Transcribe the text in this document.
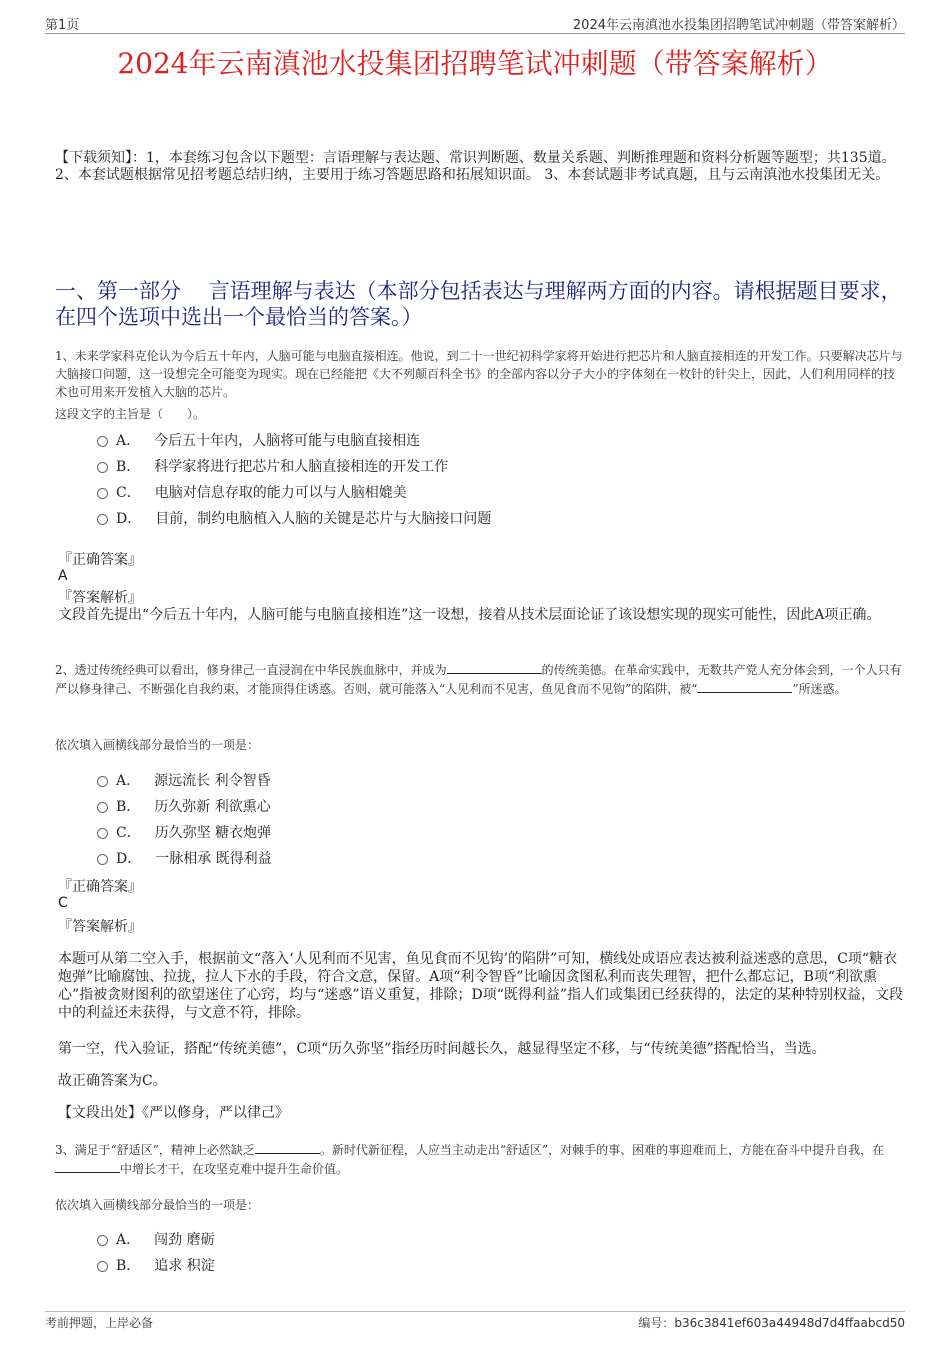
第1页	2024年云南滇池水投集团招聘笔试冲刺题（带答案解析）
2024年云南滇池水投集团招聘笔试冲刺题（带答案解析）
【下载须知】：1，本套练习包含以下题型：言语理解与表达题、常识判断题、数量关系题、判断推理题和资料分析题等题型；共135道。 2、本套试题根据常见招考题总结归纳，主要用于练习答题思路和拓展知识面。 3、本套试题非考试真题，且与云南滇池水投集团无关。
一、第一部分　 言语理解与表达（本部分包括表达与理解两方面的内容。请根据题目要求，在四个选项中选出一个最恰当的答案。）
1、未来学家科克伦认为今后五十年内，人脑可能与电脑直接相连。他说，到二十一世纪初科学家将开始进行把芯片和人脑直接相连的开发工作。只要解决芯片与大脑接口问题，这一设想完全可能变为现实。现在已经能把《大不列颠百科全书》的全部内容以分子大小的字体刻在一枚针的针尖上，因此，人们利用同样的技术也可用来开发植入大脑的芯片。
这段文字的主旨是（　　）。
A． 今后五十年内，人脑将可能与电脑直接相连
B． 科学家将进行把芯片和人脑直接相连的开发工作
C． 电脑对信息存取的能力可以与人脑相媲美
D． 目前，制约电脑植入人脑的关键是芯片与大脑接口问题
『正确答案』
A
『答案解析』
文段首先提出“今后五十年内，人脑可能与电脑直接相连”这一设想，接着从技术层面论证了该设想实现的现实可能性，因此A项正确。
2、透过传统经典可以看出，修身律己一直浸润在中华民族血脉中，并成为	的传统美德。在革命实践中，无数共产党人充分体会到，一个人只有严以修身律己、不断强化自我约束，才能顶得住诱惑。否则，就可能落入“人见利而不见害，鱼见食而不见钩”的陷阱，被“	”所迷惑。
依次填入画横线部分最恰当的一项是：
A． 源远流长 利令智昏
B． 历久弥新 利欲熏心
C． 历久弥坚 糖衣炮弹
D． 一脉相承 既得利益
『正确答案』
C
『答案解析』
本题可从第二空入手，根据前文“落入‘人见利而不见害，鱼见食而不见钩’的陷阱”可知，横线处成语应表达被利益迷惑的意思，C项“糖衣炮弹”比喻腐蚀、拉拢，拉人下水的手段，符合文意，保留。A项“利令智昏”比喻因贪图私利而丧失理智，把什么都忘记，B项“利欲熏心”指被贪财图利的欲望迷住了心窍，均与“迷惑”语义重复，排除；D项“既得利益”指人们或集团已经获得的，法定的某种特别权益，文段中的利益还未获得，与文意不符，排除。
第一空，代入验证，搭配“传统美德”，C项“历久弥坚”指经历时间越长久，越显得坚定不移，与“传统美德”搭配恰当，当选。
故正确答案为C。
【文段出处】《严以修身，严以律己》
3、满足于“舒适区”，精神上必然缺乏	。新时代新征程，人应当主动走出“舒适区”，对棘手的事、困难的事迎难而上，方能在奋斗中提升自我，在中增长才干，在攻坚克难中提升生命价值。
依次填入画横线部分最恰当的一项是：
A． 闯劲 磨砺
B． 追求 积淀
考前押题，上岸必备	编号：b36c3841ef603a44948d7d4ffaabcd50
